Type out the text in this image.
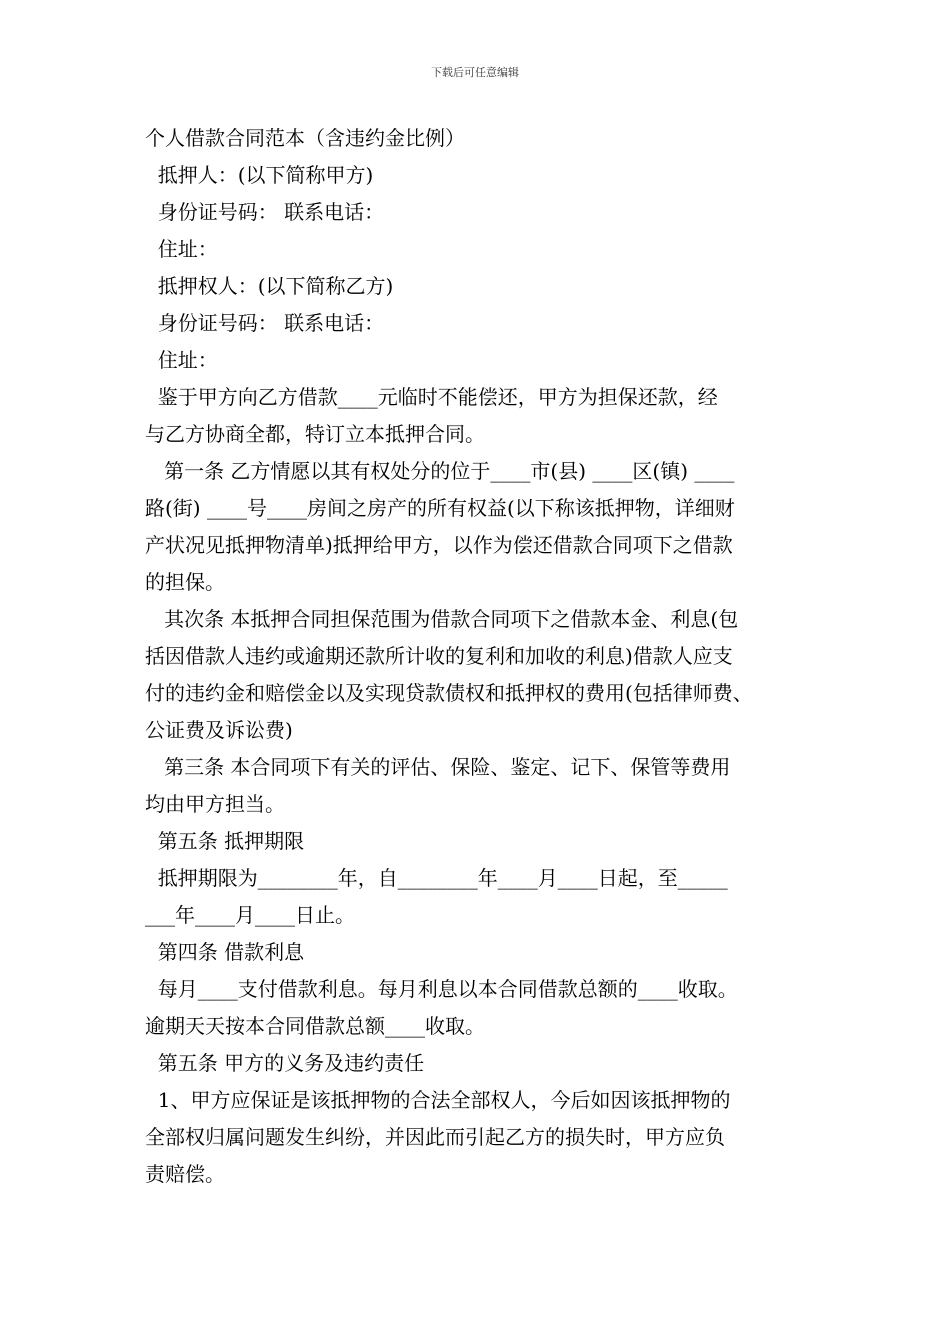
下载后可任意编辑

个人借款合同范本（含违约金比例）

抵押人：(以下简称甲方)

身份证号码： 联系电话：

住址：

抵押权人：(以下简称乙方)

身份证号码： 联系电话：

住址：

鉴于甲方向乙方借款____元临时不能偿还，甲方为担保还款，经

与乙方协商全都，特订立本抵押合同。

第一条 乙方情愿以其有权处分的位于____市(县) ____区(镇) ____

路(街) ____号____房间之房产的所有权益(以下称该抵押物，详细财

产状况见抵押物清单)抵押给甲方，以作为偿还借款合同项下之借款

的担保。

其次条 本抵押合同担保范围为借款合同项下之借款本金、利息(包

括因借款人违约或逾期还款所计收的复利和加收的利息)借款人应支

付的违约金和赔偿金以及实现贷款债权和抵押权的费用(包括律师费、

公证费及诉讼费)

第三条 本合同项下有关的评估、保险、鉴定、记下、保管等费用

均由甲方担当。

第五条 抵押期限

抵押期限为________年，自________年____月____日起，至_____

___年____月____日止。

第四条 借款利息

每月____支付借款利息。每月利息以本合同借款总额的____收取。

逾期天天按本合同借款总额____收取。

第五条 甲方的义务及违约责任

1、甲方应保证是该抵押物的合法全部权人，今后如因该抵押物的

全部权归属问题发生纠纷，并因此而引起乙方的损失时，甲方应负

责赔偿。
